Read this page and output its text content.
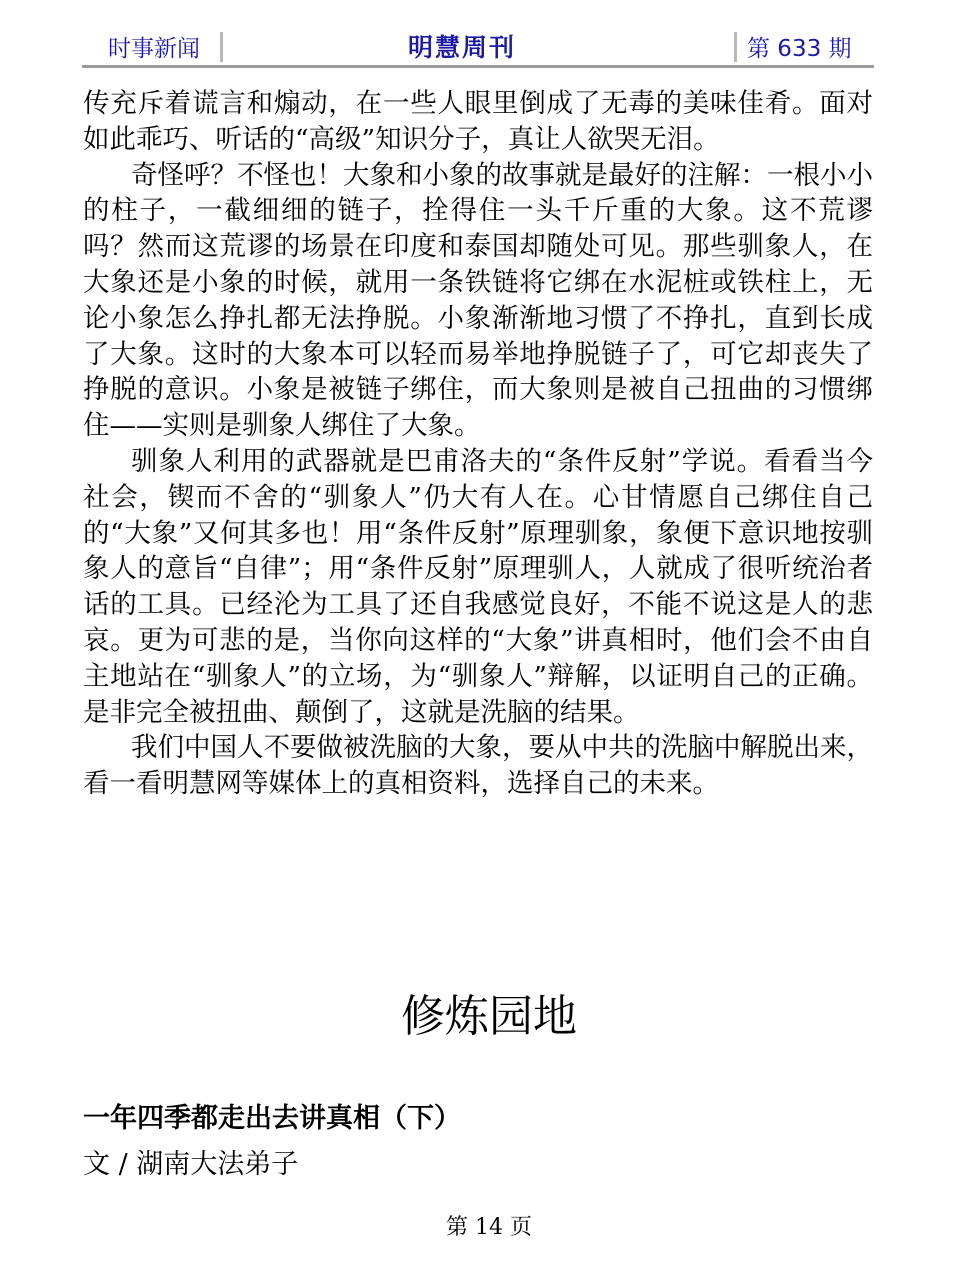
时事新闻	明慧周刊	第 633 期

传充斥着谎言和煽动，在一些人眼里倒成了无毒的美味佳肴。面对如此乖巧、听话的“高级”知识分子，真让人欲哭无泪。

奇怪呼？不怪也！大象和小象的故事就是最好的注解：一根小小的柱子，一截细细的链子，拴得住一头千斤重的大象。这不荒谬吗？然而这荒谬的场景在印度和泰国却随处可见。那些驯象人，在大象还是小象的时候，就用一条铁链将它绑在水泥桩或铁柱上，无论小象怎么挣扎都无法挣脱。小象渐渐地习惯了不挣扎，直到长成了大象。这时的大象本可以轻而易举地挣脱链子了，可它却丧失了挣脱的意识。小象是被链子绑住，而大象则是被自己扭曲的习惯绑住——实则是驯象人绑住了大象。

驯象人利用的武器就是巴甫洛夫的“条件反射”学说。看看当今社会，锲而不舍的“驯象人”仍大有人在。心甘情愿自己绑住自己的“大象”又何其多也！用“条件反射”原理驯象，象便下意识地按驯象人的意旨“自律”；用“条件反射”原理驯人，人就成了很听统治者话的工具。已经沦为工具了还自我感觉良好，不能不说这是人的悲哀。更为可悲的是，当你向这样的“大象”讲真相时，他们会不由自主地站在“驯象人”的立场，为“驯象人”辩解，以证明自己的正确。是非完全被扭曲、颠倒了，这就是洗脑的结果。

我们中国人不要做被洗脑的大象，要从中共的洗脑中解脱出来，看一看明慧网等媒体上的真相资料，选择自己的未来。

修炼园地
一年四季都走出去讲真相（下）
文 / 湖南大法弟子
第 14 页
